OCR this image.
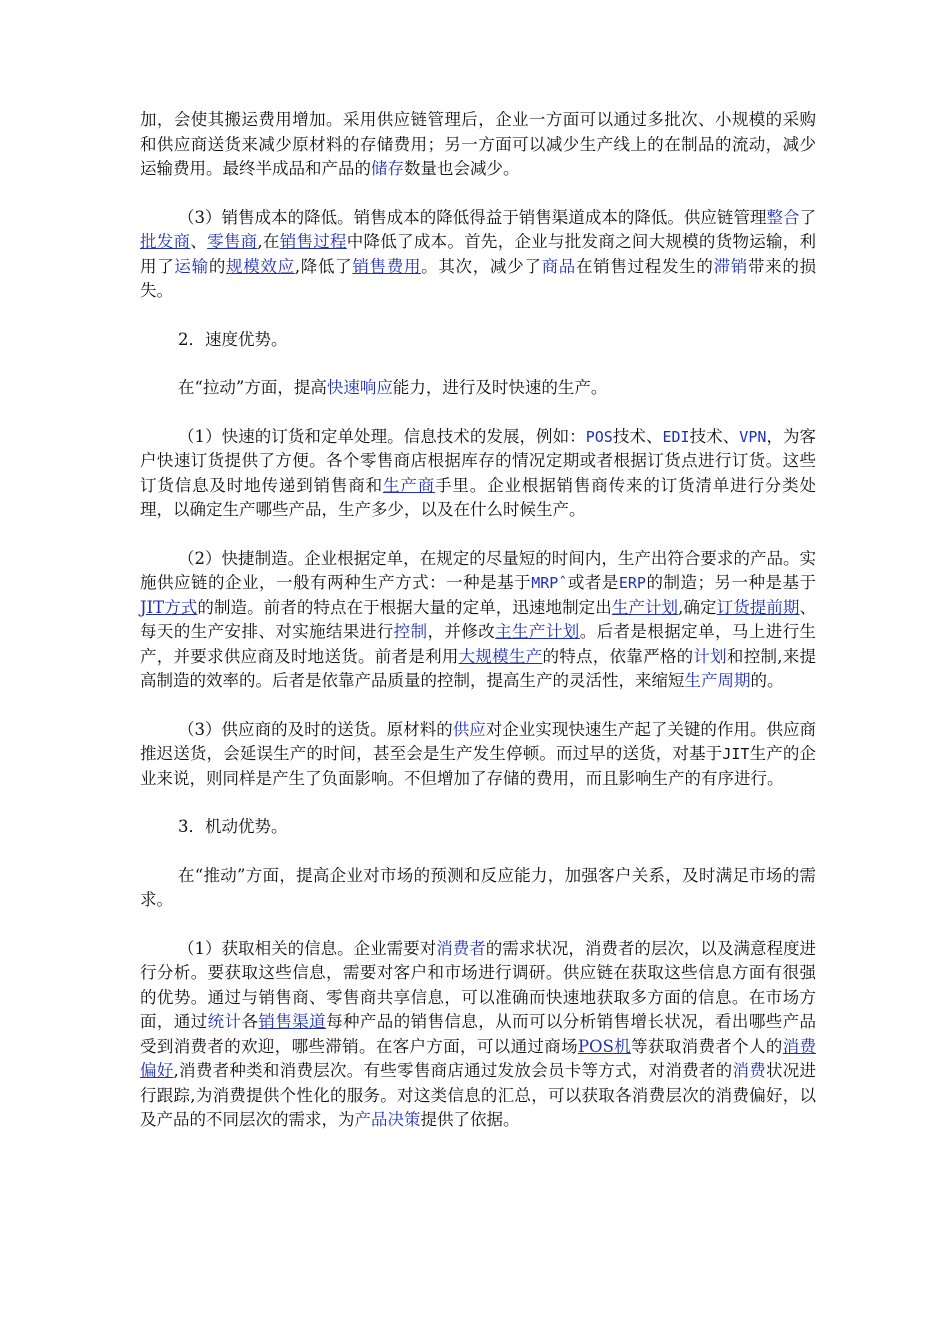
加，会使其搬运费用增加。采用供应链管理后，企业一方面可以通过多批次、小规模的采购和供应商送货来减少原材料的存储费用；另一方面可以减少生产线上的在制品的流动，减少运输费用。最终半成品和产品的储存数量也会减少。

（3）销售成本的降低。销售成本的降低得益于销售渠道成本的降低。供应链管理整合了批发商、零售商,在销售过程中降低了成本。首先，企业与批发商之间大规模的货物运输，利用了运输的规模效应,降低了销售费用。其次，减少了商品在销售过程发生的滞销带来的损失。

2．速度优势。

在“拉动”方面，提高快速响应能力，进行及时快速的生产。

（1）快速的订货和定单处理。信息技术的发展，例如：POS技术、EDI技术、VPN，为客户快速订货提供了方便。各个零售商店根据库存的情况定期或者根据订货点进行订货。这些订货信息及时地传递到销售商和生产商手里。企业根据销售商传来的订货清单进行分类处理，以确定生产哪些产品，生产多少，以及在什么时候生产。

（2）快捷制造。企业根据定单，在规定的尽量短的时间内，生产出符合要求的产品。实施供应链的企业，一般有两种生产方式：一种是基于MRPˆ或者是ERP的制造；另一种是基于JIT方式的制造。前者的特点在于根据大量的定单，迅速地制定出生产计划,确定订货提前期、每天的生产安排、对实施结果进行控制，并修改主生产计划。后者是根据定单，马上进行生产，并要求供应商及时地送货。前者是利用大规模生产的特点，依靠严格的计划和控制,来提高制造的效率的。后者是依靠产品质量的控制，提高生产的灵活性，来缩短生产周期的。

（3）供应商的及时的送货。原材料的供应对企业实现快速生产起了关键的作用。供应商推迟送货，会延误生产的时间，甚至会是生产发生停顿。而过早的送货，对基于JIT生产的企业来说，则同样是产生了负面影响。不但增加了存储的费用，而且影响生产的有序进行。

3．机动优势。

在“推动”方面，提高企业对市场的预测和反应能力，加强客户关系，及时满足市场的需求。

（1）获取相关的信息。企业需要对消费者的需求状况，消费者的层次，以及满意程度进行分析。要获取这些信息，需要对客户和市场进行调研。供应链在获取这些信息方面有很强的优势。通过与销售商、零售商共享信息，可以准确而快速地获取多方面的信息。在市场方面，通过统计各销售渠道每种产品的销售信息，从而可以分析销售增长状况，看出哪些产品受到消费者的欢迎，哪些滞销。在客户方面，可以通过商场POS机等获取消费者个人的消费偏好,消费者种类和消费层次。有些零售商店通过发放会员卡等方式，对消费者的消费状况进行跟踪,为消费提供个性化的服务。对这类信息的汇总，可以获取各消费层次的消费偏好，以及产品的不同层次的需求，为产品决策提供了依据。
